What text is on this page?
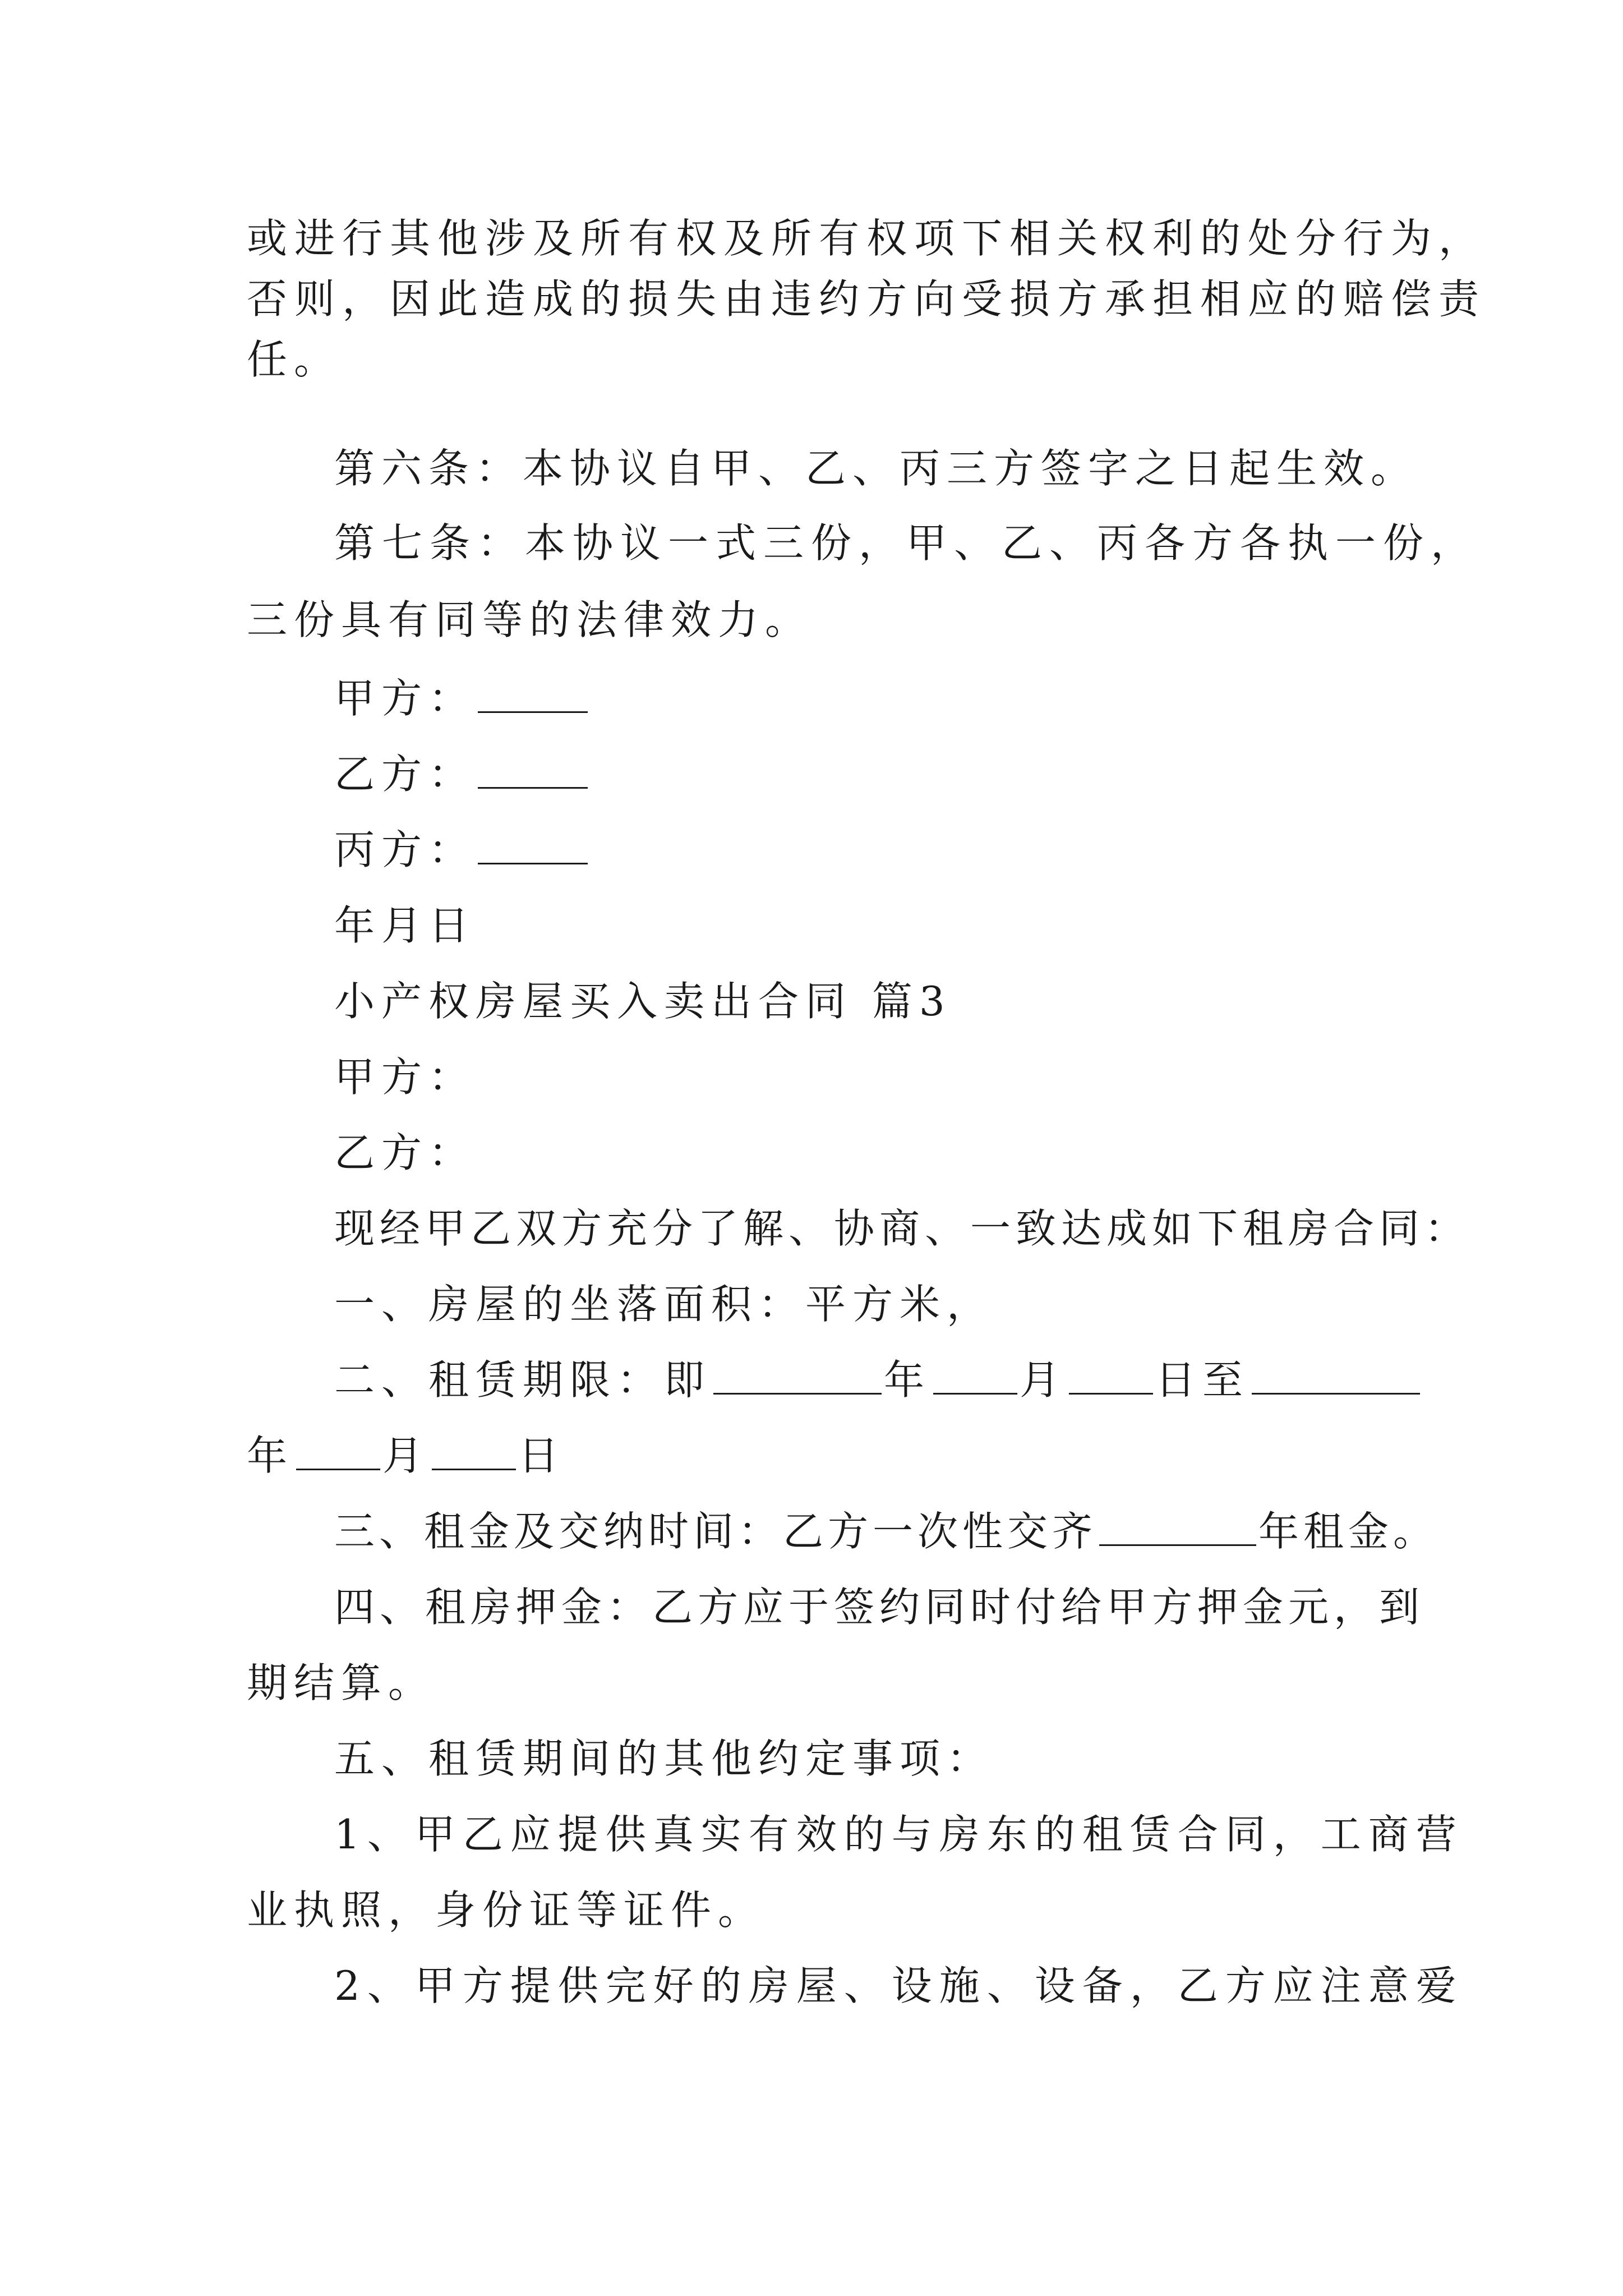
或进行其他涉及所有权及所有权项下相关权利的处分行为，
否则，因此造成的损失由违约方向受损方承担相应的赔偿责
任。
第六条：本协议自甲、乙、丙三方签字之日起生效。
第七条：本协议一式三份，甲、乙、丙各方各执一份，
三份具有同等的法律效力。
甲方：
乙方：
丙方：
年月日
小产权房屋买入卖出合同 篇3
甲方：
乙方：
现经甲乙双方充分了解、协商、一致达成如下租房合同：
一、房屋的坐落面积：平方米，
二、租赁期限：即	年 月 日至
年 月 日
三、租金及交纳时间：乙方一次性交齐	年租金。
四、租房押金：乙方应于签约同时付给甲方押金元，到
期结算。
五、租赁期间的其他约定事项：
1、甲乙应提供真实有效的与房东的租赁合同，工商营
业执照，身份证等证件。
2、甲方提供完好的房屋、设施、设备，乙方应注意爱
